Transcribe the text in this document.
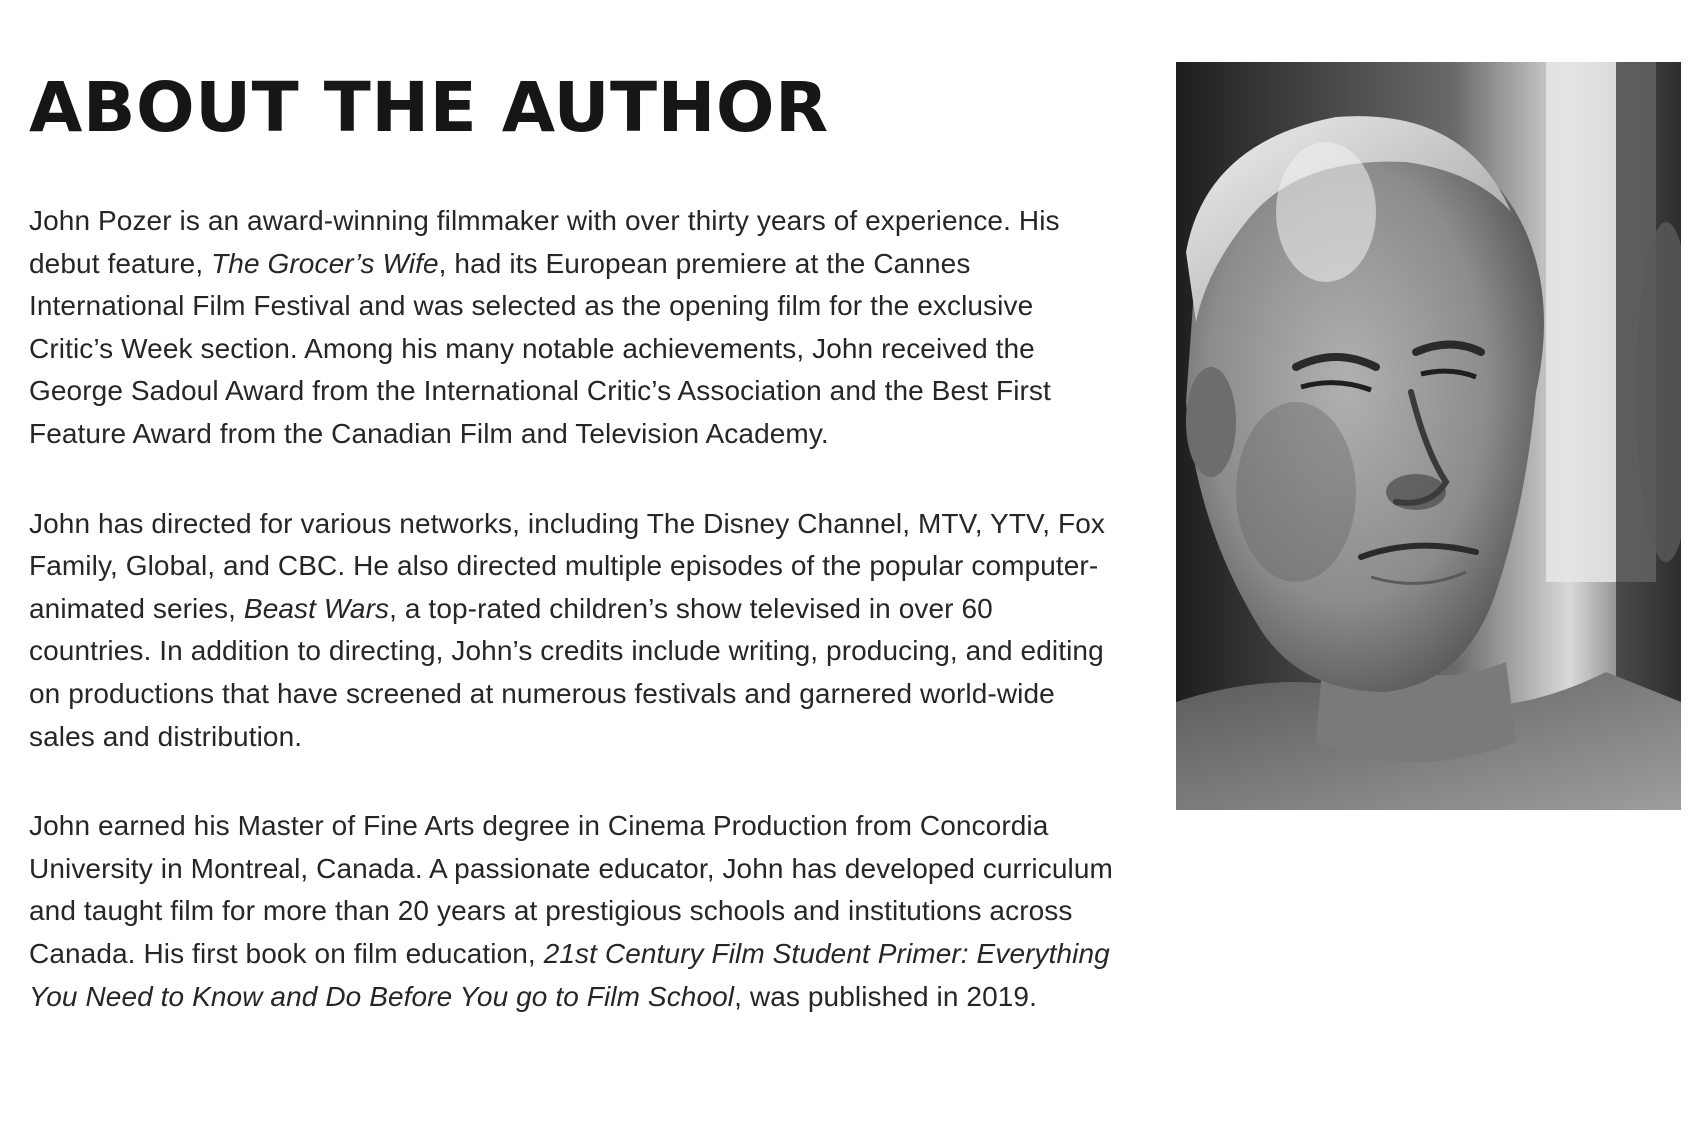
ABOUT THE AUTHOR

John Pozer is an award-winning filmmaker with over thirty years of experience. His debut feature, The Grocer’s Wife, had its European premiere at the Cannes International Film Festival and was selected as the opening film for the exclusive Critic’s Week section. Among his many notable achievements, John received the George Sadoul Award from the International Critic’s Association and the Best First Feature Award from the Canadian Film and Television Academy.

John has directed for various networks, including The Disney Channel, MTV, YTV, Fox Family, Global, and CBC. He also directed multiple episodes of the popular computer-animated series, Beast Wars, a top-rated children’s show televised in over 60 countries. In addition to directing, John’s credits include writing, producing, and editing on productions that have screened at numerous festivals and garnered world-wide sales and distribution.

John earned his Master of Fine Arts degree in Cinema Production from Concordia University in Montreal, Canada. A passionate educator, John has developed curriculum and taught film for more than 20 years at prestigious schools and institutions across Canada. His first book on film education, 21st Century Film Student Primer: Everything You Need to Know and Do Before You go to Film School, was published in 2019.
